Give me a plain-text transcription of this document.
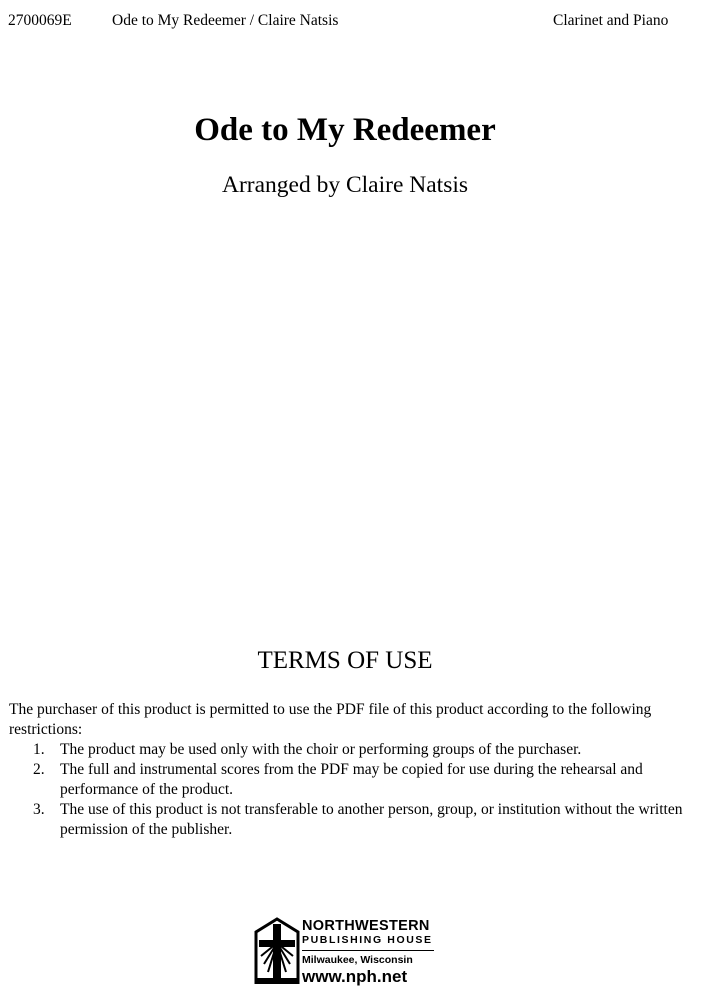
2700069E	Ode to My Redeemer / Claire Natsis	Clarinet and Piano
Ode to My Redeemer
Arranged by Claire Natsis
TERMS OF USE
The purchaser of this product is permitted to use the PDF file of this product according to the following restrictions:
1. The product may be used only with the choir or performing groups of the purchaser.
2. The full and instrumental scores from the PDF may be copied for use during the rehearsal and performance of the product.
3. The use of this product is not transferable to another person, group, or institution without the written permission of the publisher.
NORTHWESTERN
PUBLISHING HOUSE
Milwaukee, Wisconsin
www.nph.net
